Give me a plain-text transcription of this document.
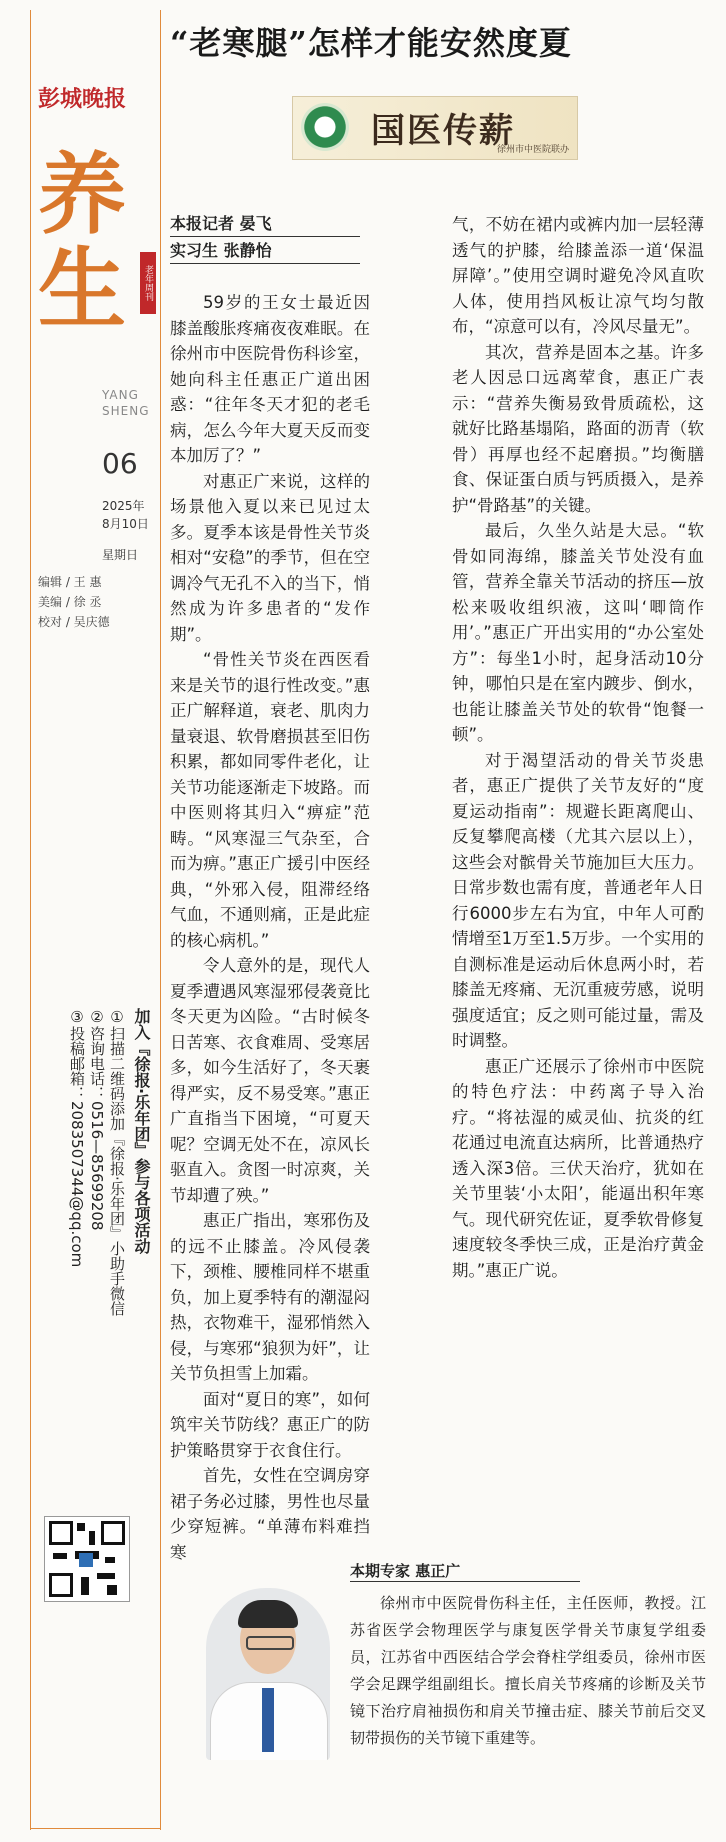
“老寒腿”怎样才能安然度夏
彭城晚报
养
生	老年周刊
YANG
SHENG
06
2025年
8月10日
星期日
编辑 / 王 惠
美编 / 徐 丞
校对 / 吴庆德
加入『徐报·乐年团』参与各项活动
①扫描二维码添加『徐报·乐年团』小助手微信
②咨询电话：0516—85699208
③投稿邮箱：2083507344@qq.com
国医传薪
徐州市中医院联办
本报记者 晏飞
实习生 张静怡

59岁的王女士最近因膝盖酸胀疼痛夜夜难眠。在徐州市中医院骨伤科诊室，她向科主任惠正广道出困惑：“往年冬天才犯的老毛病，怎么今年大夏天反而变本加厉了？”

对惠正广来说，这样的场景他入夏以来已见过太多。夏季本该是骨性关节炎相对“安稳”的季节，但在空调冷气无孔不入的当下，悄然成为许多患者的“发作期”。

“骨性关节炎在西医看来是关节的退行性改变。”惠正广解释道，衰老、肌肉力量衰退、软骨磨损甚至旧伤积累，都如同零件老化，让关节功能逐渐走下坡路。而中医则将其归入“痹症”范畴。“风寒湿三气杂至，合而为痹。”惠正广援引中医经典，“外邪入侵，阻滞经络气血，不通则痛，正是此症的核心病机。”

令人意外的是，现代人夏季遭遇风寒湿邪侵袭竟比冬天更为凶险。“古时候冬日苦寒、衣食难周、受寒居多，如今生活好了，冬天裹得严实，反不易受寒。”惠正广直指当下困境，“可夏天呢？空调无处不在，凉风长驱直入。贪图一时凉爽，关节却遭了殃。”

惠正广指出，寒邪伤及的远不止膝盖。冷风侵袭下，颈椎、腰椎同样不堪重负，加上夏季特有的潮湿闷热，衣物难干，湿邪悄然入侵，与寒邪“狼狈为奸”，让关节负担雪上加霜。

面对“夏日的寒”，如何筑牢关节防线？惠正广的防护策略贯穿于衣食住行。

首先，女性在空调房穿裙子务必过膝，男性也尽量少穿短裤。“单薄布料难挡寒

气，不妨在裙内或裤内加一层轻薄透气的护膝，给膝盖添一道‘保温屏障’。”使用空调时避免冷风直吹人体，使用挡风板让凉气均匀散布，“凉意可以有，冷风尽量无”。

其次，营养是固本之基。许多老人因忌口远离荤食，惠正广表示：“营养失衡易致骨质疏松，这就好比路基塌陷，路面的沥青（软骨）再厚也经不起磨损。”均衡膳食、保证蛋白质与钙质摄入，是养护“骨路基”的关键。

最后，久坐久站是大忌。“软骨如同海绵，膝盖关节处没有血管，营养全靠关节活动的挤压—放松来吸收组织液，这叫‘唧筒作用’。”惠正广开出实用的“办公室处方”：每坐1小时，起身活动10分钟，哪怕只是在室内踱步、倒水，也能让膝盖关节处的软骨“饱餐一顿”。

对于渴望活动的骨关节炎患者，惠正广提供了关节友好的“度夏运动指南”：规避长距离爬山、反复攀爬高楼（尤其六层以上），这些会对髌骨关节施加巨大压力。日常步数也需有度，普通老年人日行6000步左右为宜，中年人可酌情增至1万至1.5万步。一个实用的自测标准是运动后休息两小时，若膝盖无疼痛、无沉重疲劳感，说明强度适宜；反之则可能过量，需及时调整。

惠正广还展示了徐州市中医院的特色疗法：中药离子导入治疗。“将祛湿的威灵仙、抗炎的红花通过电流直达病所，比普通热疗透入深3倍。三伏天治疗，犹如在关节里装‘小太阳’，能逼出积年寒气。现代研究佐证，夏季软骨修复速度较冬季快三成，正是治疗黄金期。”惠正广说。

本期专家 惠正广
徐州市中医院骨伤科主任，主任医师，教授。江苏省医学会物理医学与康复医学骨关节康复学组委员，江苏省中西医结合学会脊柱学组委员，徐州市医学会足踝学组副组长。擅长肩关节疼痛的诊断及关节镜下治疗肩袖损伤和肩关节撞击症、膝关节前后交叉韧带损伤的关节镜下重建等。
